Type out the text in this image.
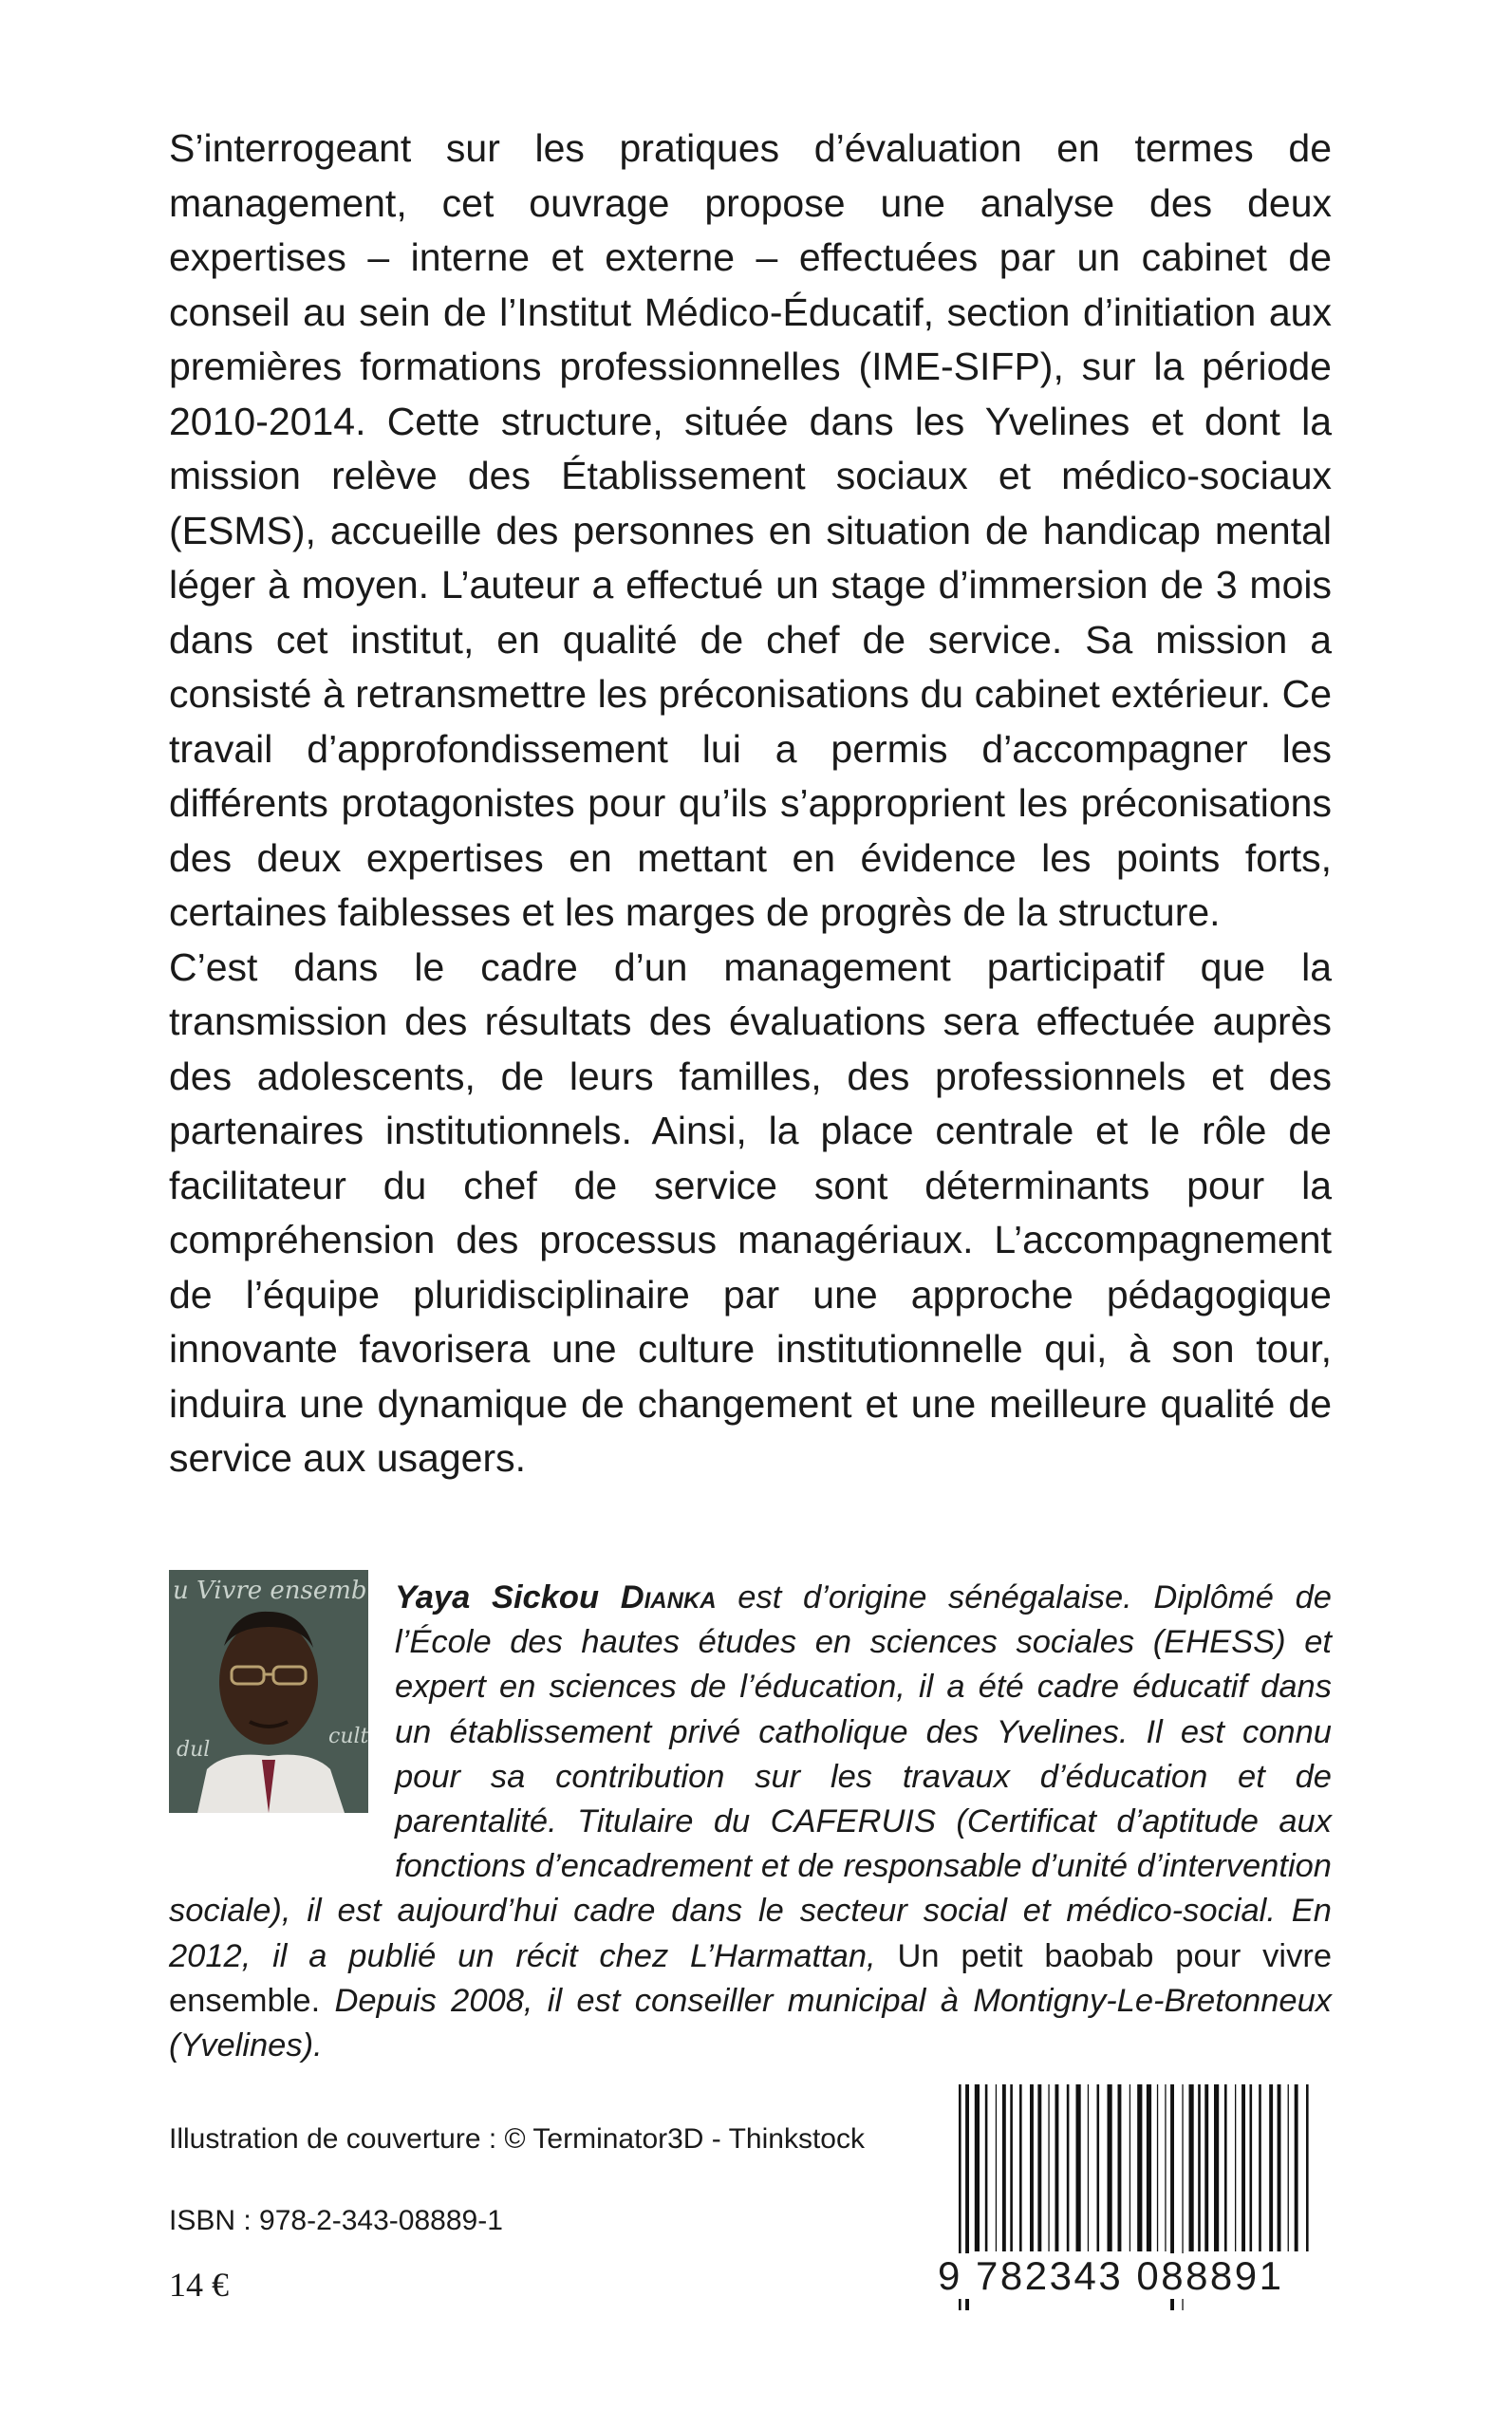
S’interrogeant sur les pratiques d’évaluation en termes de management, cet ouvrage propose une analyse des deux expertises – interne et externe – effectuées par un cabinet de conseil au sein de l’Institut Médico-Éducatif, section d’initiation aux premières formations professionnelles (IME-SIFP), sur la période 2010-2014. Cette structure, située dans les Yvelines et dont la mission relève des Établissement sociaux et médico-sociaux (ESMS), accueille des personnes en situation de handicap mental léger à moyen. L’auteur a effectué un stage d’immersion de 3 mois dans cet institut, en qualité de chef de service. Sa mission a consisté à retransmettre les préconisations du cabinet extérieur. Ce travail d’approfondissement lui a permis d’accompagner les différents protagonistes pour qu’ils s’approprient les préconisations des deux expertises en mettant en évidence les points forts, certaines faiblesses et les marges de progrès de la structure.

C’est dans le cadre d’un management participatif que la transmission des résultats des évaluations sera effectuée auprès des adolescents, de leurs familles, des professionnels et des partenaires institutionnels. Ainsi, la place centrale et le rôle de facilitateur du chef de service sont déterminants pour la compréhension des processus managériaux. L’accompagnement de l’équipe pluridisciplinaire par une approche pédagogique innovante favorisera une culture institutionnelle qui, à son tour, induira une dynamique de changement et une meilleure qualité de service aux usagers.

u Vivre ensemb
dul
cult
Yaya Sickou Dianka est d’origine sénégalaise. Diplômé de l’École des hautes études en sciences sociales (EHESS) et expert en sciences de l’éducation, il a été cadre éducatif dans un établissement privé catholique des Yvelines. Il est connu pour sa contribution sur les travaux d’éducation et de parentalité. Titulaire du CAFERUIS (Certificat d’aptitude aux fonctions d’encadrement et de responsable d’unité d’intervention sociale), il est aujourd’hui cadre dans le secteur social et médico-social. En 2012, il a publié un récit chez L’Harmattan, Un petit baobab pour vivre ensemble. Depuis 2008, il est conseiller municipal à Montigny-Le-Bretonneux (Yvelines).

Illustration de couverture : © Terminator3D - Thinkstock

ISBN : 978-2-343-08889-1

14 €	9 782343 088891
